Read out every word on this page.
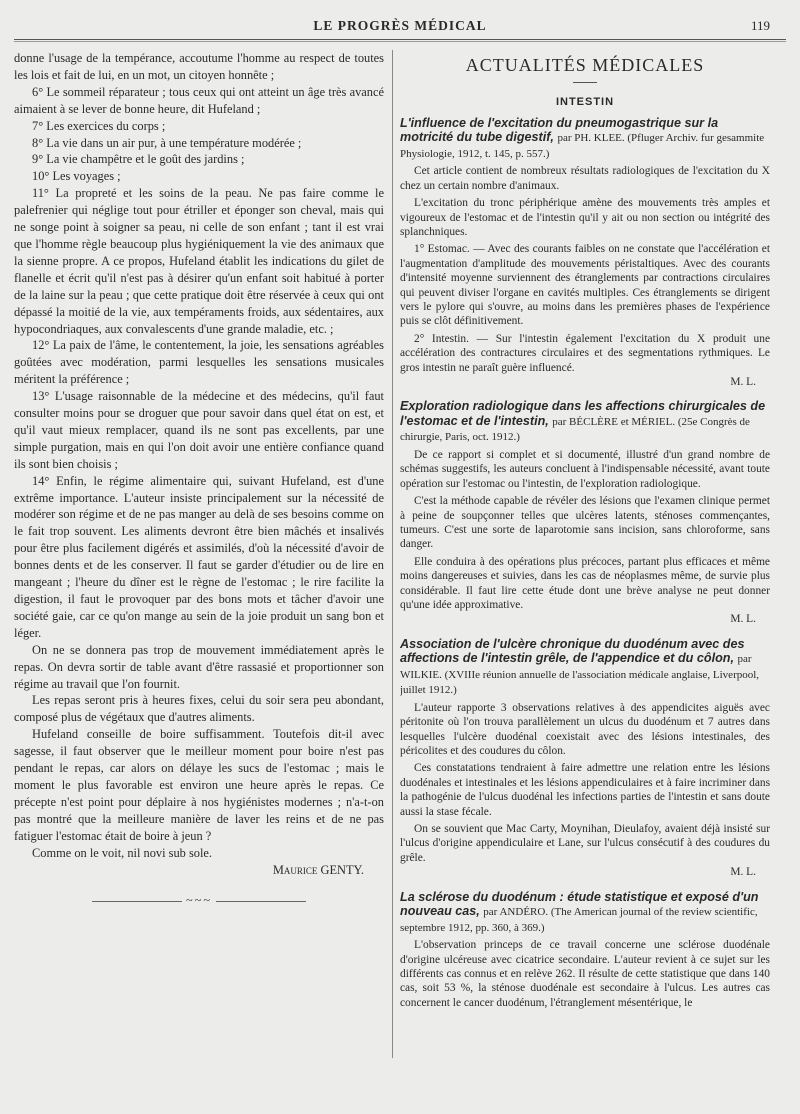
LE PROGRÈS MÉDICAL	119

donne l'usage de la tempérance, accoutume l'homme au respect de toutes les lois et fait de lui, en un mot, un citoyen honnête ;

6° Le sommeil réparateur ; tous ceux qui ont atteint un âge très avancé aimaient à se lever de bonne heure, dit Hufeland ;

7° Les exercices du corps ;

8° La vie dans un air pur, à une température modérée ;

9° La vie champêtre et le goût des jardins ;

10° Les voyages ;

11° La propreté et les soins de la peau. Ne pas faire comme le palefrenier qui néglige tout pour étriller et éponger son cheval, mais qui ne songe point à soigner sa peau, ni celle de son enfant ; tant il est vrai que l'homme règle beaucoup plus hygiéniquement la vie des animaux que la sienne propre. A ce propos, Hufeland établit les indications du gilet de flanelle et écrit qu'il n'est pas à désirer qu'un enfant soit habitué à porter de la laine sur la peau ; que cette pratique doit être réservée à ceux qui ont dépassé la moitié de la vie, aux tempéraments froids, aux sédentaires, aux hypocondriaques, aux convalescents d'une grande maladie, etc. ;

12° La paix de l'âme, le contentement, la joie, les sensations agréables goûtées avec modération, parmi lesquelles les sensations musicales méritent la préférence ;

13° L'usage raisonnable de la médecine et des médecins, qu'il faut consulter moins pour se droguer que pour savoir dans quel état on est, et qu'il vaut mieux remplacer, quand ils ne sont pas excellents, par une simple purgation, mais en qui l'on doit avoir une entière confiance quand ils sont bien choisis ;

14° Enfin, le régime alimentaire qui, suivant Hufeland, est d'une extrême importance. L'auteur insiste principalement sur la nécessité de modérer son régime et de ne pas manger au delà de ses besoins comme on le fait trop souvent. Les aliments devront être bien mâchés et insalivés pour être plus facilement digérés et assimilés, d'où la nécessité d'avoir de bonnes dents et de les conserver. Il faut se garder d'étudier ou de lire en mangeant ; l'heure du dîner est le règne de l'estomac ; le rire facilite la digestion, il faut le provoquer par des bons mots et tâcher d'avoir une société gaie, car ce qu'on mange au sein de la joie produit un sang bon et léger.

On ne se donnera pas trop de mouvement immédiatement après le repas. On devra sortir de table avant d'être rassasié et proportionner son régime au travail que l'on fournit.

Les repas seront pris à heures fixes, celui du soir sera peu abondant, composé plus de végétaux que d'autres aliments.

Hufeland conseille de boire suffisamment. Toutefois dit-il avec sagesse, il faut observer que le meilleur moment pour boire n'est pas pendant le repas, car alors on délaye les sucs de l'estomac ; mais le moment le plus favorable est environ une heure après le repas. Ce précepte n'est point pour déplaire à nos hygiénistes modernes ; n'a-t-on pas montré que la meilleure manière de laver les reins et de ne pas fatiguer l'estomac était de boire à jeun ?

Comme on le voit, nil novi sub sole.

Maurice GENTY.
~~~
ACTUALITÉS MÉDICALES
INTESTIN
L'influence de l'excitation du pneumogastrique sur la motricité du tube digestif, par PH. KLEE. (Pfluger Archiv. fur gesammite Physiologie, 1912, t. 145, p. 557.)

Cet article contient de nombreux résultats radiologiques de l'excitation du X chez un certain nombre d'animaux.

L'excitation du tronc périphérique amène des mouvements très amples et vigoureux de l'estomac et de l'intestin qu'il y ait ou non section ou intégrité des splanchniques.

1° Estomac. — Avec des courants faibles on ne constate que l'accélération et l'augmentation d'amplitude des mouvements péristaltiques. Avec des courants d'intensité moyenne surviennent des étranglements par contractions circulaires qui peuvent diviser l'organe en cavités multiples. Ces étranglements se dirigent vers le pylore qui s'ouvre, au moins dans les premières phases de l'expérience puis se clôt définitivement.

2° Intestin. — Sur l'intestin également l'excitation du X produit une accélération des contractures circulaires et des segmentations rythmiques. Le gros intestin ne paraît guère influencé.

M. L.
Exploration radiologique dans les affections chirurgicales de l'estomac et de l'intestin, par BÉCLÈRE et MÉRIEL. (25e Congrès de chirurgie, Paris, oct. 1912.)

De ce rapport si complet et si documenté, illustré d'un grand nombre de schémas suggestifs, les auteurs concluent à l'indispensable nécessité, avant toute opération sur l'estomac ou l'intestin, de l'exploration radiologique.

C'est la méthode capable de révéler des lésions que l'examen clinique permet à peine de soupçonner telles que ulcères latents, sténoses commençantes, tumeurs. C'est une sorte de laparotomie sans incision, sans chloroforme, sans danger.

Elle conduira à des opérations plus précoces, partant plus efficaces et même moins dangereuses et suivies, dans les cas de néoplasmes même, de survie plus considérable. Il faut lire cette étude dont une brève analyse ne peut donner qu'une idée approximative.

M. L.
Association de l'ulcère chronique du duodénum avec des affections de l'intestin grêle, de l'appendice et du côlon, par WILKIE. (XVIIIe réunion annuelle de l'association médicale anglaise, Liverpool, juillet 1912.)

L'auteur rapporte 3 observations relatives à des appendicites aiguës avec péritonite où l'on trouva parallèlement un ulcus du duodénum et 7 autres dans lesquelles l'ulcère duodénal coexistait avec des lésions intestinales, des péricolites et des coudures du côlon.

Ces constatations tendraient à faire admettre une relation entre les lésions duodénales et intestinales et les lésions appendiculaires et à faire incriminer dans la pathogénie de l'ulcus duodénal les infections parties de l'intestin et sans doute aussi la stase fécale.

On se souvient que Mac Carty, Moynihan, Dieulafoy, avaient déjà insisté sur l'ulcus d'origine appendiculaire et Lane, sur l'ulcus consécutif à des coudures du grêle.

M. L.
La sclérose du duodénum : étude statistique et exposé d'un nouveau cas, par ANDÉRO. (The American journal of the review scientific, septembre 1912, pp. 360, à 369.)

L'observation princeps de ce travail concerne une sclérose duodénale d'origine ulcéreuse avec cicatrice secondaire. L'auteur revient à ce sujet sur les différents cas connus et en relève 262. Il résulte de cette statistique que dans 140 cas, soit 53 %, la sténose duodénale est secondaire à l'ulcus. Les autres cas concernent le cancer duodénum, l'étranglement mésentérique, le
